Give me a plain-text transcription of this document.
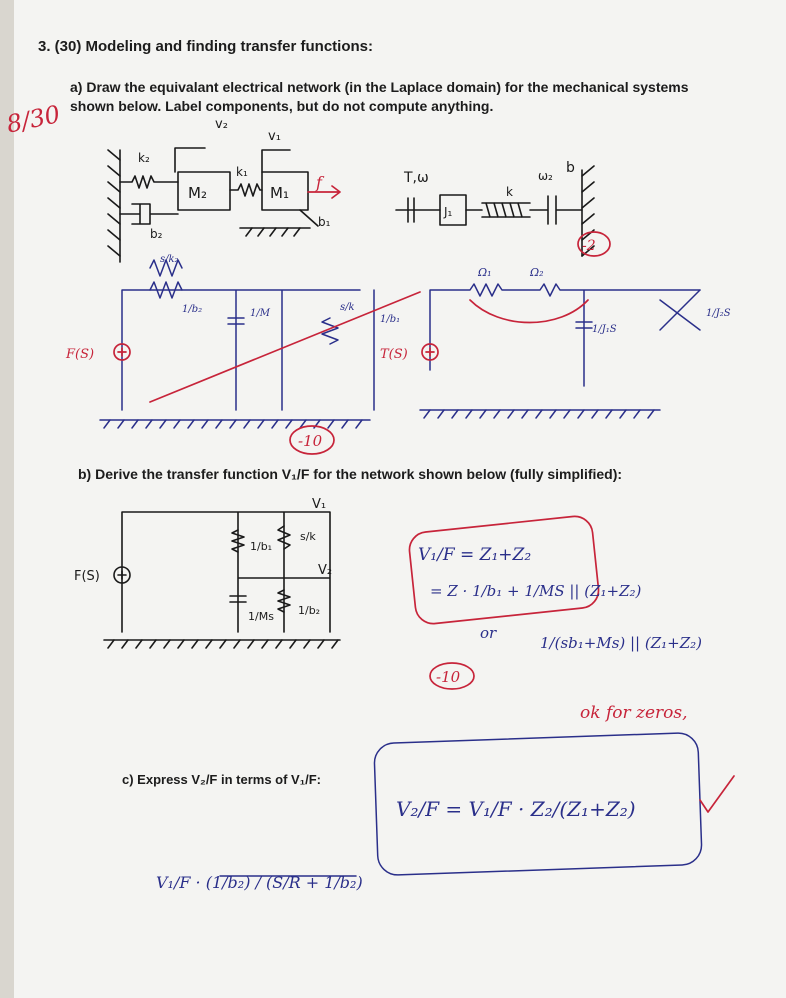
3. (30) Modeling and finding transfer functions:
a) Draw the equivalant electrical network (in the Laplace domain) for the mechanical systems shown below. Label components, but do not compute anything.
b) Derive the transfer function V₁/F for the network shown below (fully simplified):
c) Express V₂/F in terms of V₁/F:
8/30	v₂
v₁
k₂
k₁
M₂	M₁
b₂
b₁
f	T,ω
J₁
k
ω₂ b
F(S)
s/k₂
1/b₂	1/M
s/k
1/b₁
-10
T(S)
Ω₁	Ω₂
1/J₁S
1/J₂S
-2
F(S)
V₁
V₂
1/b₁
s/k
1/Ms 1/b₂
V₁/F = Z₁+Z₂
= Z · 1/b₁ + 1/MS || (Z₁+Z₂)
or
1/(sb₁+Ms) || (Z₁+Z₂)
-10
ok for zeros,
V₂/F = V₁/F · Z₂/(Z₁+Z₂)
V₁/F · (1/b₂) / (S/R + 1/b₂)
